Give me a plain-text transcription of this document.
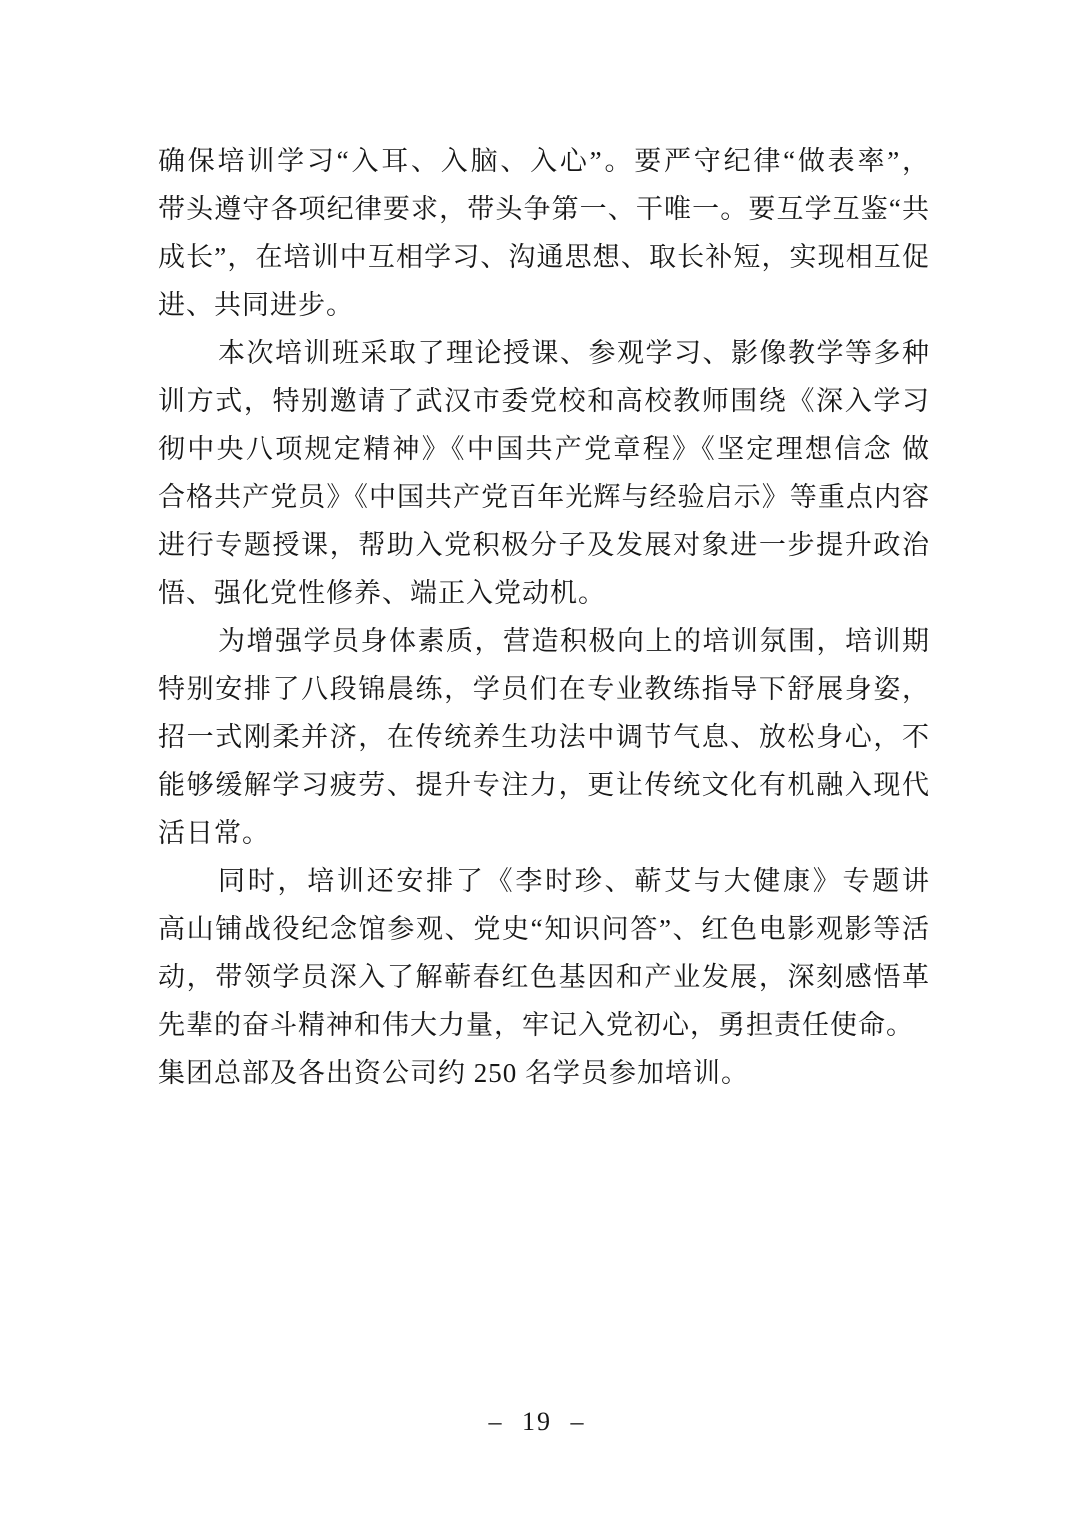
确保培训学习“入耳、入脑、入心”。要严守纪律“做表率”，
带头遵守各项纪律要求，带头争第一、干唯一。要互学互鉴“共
成长”，在培训中互相学习、沟通思想、取长补短，实现相互促
进、共同进步。
本次培训班采取了理论授课、参观学习、影像教学等多种
训方式，特别邀请了武汉市委党校和高校教师围绕《深入学习
彻中央八项规定精神》《中国共产党章程》《坚定理想信念 做
合格共产党员》《中国共产党百年光辉与经验启示》等重点内容
进行专题授课，帮助入党积极分子及发展对象进一步提升政治
悟、强化党性修养、端正入党动机。
为增强学员身体素质，营造积极向上的培训氛围，培训期
特别安排了八段锦晨练，学员们在专业教练指导下舒展身姿，
招一式刚柔并济，在传统养生功法中调节气息、放松身心，不
能够缓解学习疲劳、提升专注力，更让传统文化有机融入现代
活日常。
同时，培训还安排了《李时珍、蕲艾与大健康》专题讲
高山铺战役纪念馆参观、党史“知识问答”、红色电影观影等活
动，带领学员深入了解蕲春红色基因和产业发展，深刻感悟革
先辈的奋斗精神和伟大力量，牢记入党初心，勇担责任使命。
集团总部及各出资公司约 250 名学员参加培训。
– 19 –
